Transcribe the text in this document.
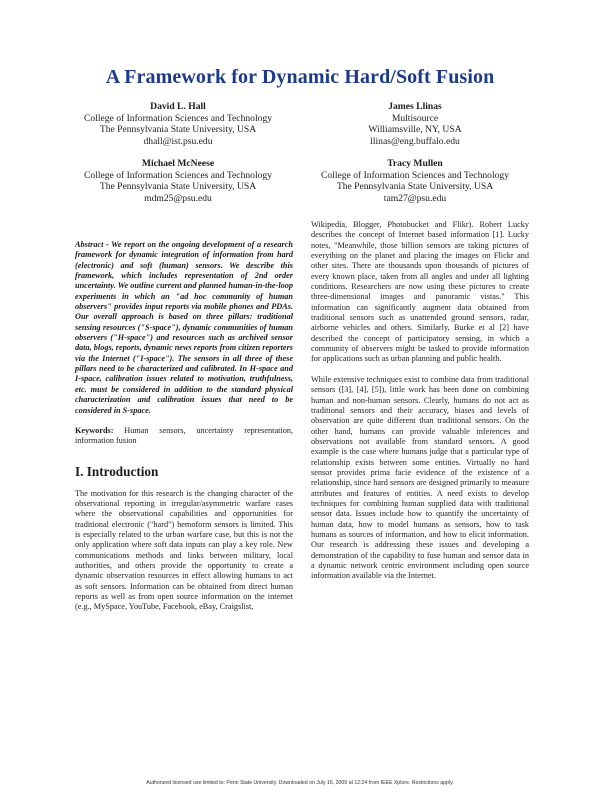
A Framework for Dynamic Hard/Soft Fusion
David L. Hall
College of Information Sciences and Technology
The Pennsylvania State University, USA
dhall@ist.psu.edu
James Llinas
Multisource
Williamsville, NY, USA
llinas@eng.buffalo.edu
Michael McNeese
College of Information Sciences and Technology
The Pennsylvania State University, USA
mdm25@psu.edu
Tracy Mullen
College of Information Sciences and Technology
The Pennsylvania State University, USA
tam27@psu.edu

Abstract - We report on the ongoing development of a research framework for dynamic integration of information from hard (electronic) and soft (human) sensors. We describe this framework, which includes representation of 2nd order uncertainty. We outline current and planned human-in-the-loop experiments in which an "ad hoc community of human observers" provides input reports via mobile phones and PDAs. Our overall approach is based on three pillars: traditional sensing resources ("S-space"), dynamic communities of human observers ("H-space") and resources such as archived sensor data, blogs, reports, dynamic news reports from citizen reporters via the Internet ("I-space"). The sensors in all three of these pillars need to be characterized and calibrated. In H-space and I-space, calibration issues related to motivation, truthfulness, etc. must be considered in addition to the standard physical characterization and calibration issues that need to be considered in S-space.

Keywords: Human sensors, uncertainty representation, information fusion

I. Introduction

The motivation for this research is the changing character of the observational reporting in irregular/asymmetric warfare cases where the observational capabilities and opportunities for traditional electronic ("hard") hemoform sensors is limited. This is especially related to the urban warfare case, but this is not the only application where soft data inputs can play a key role. New communications methods and links between military, local authorities, and others provide the opportunity to create a dynamic observation resources in effect allowing humans to act as soft sensors. Information can be obtained from direct human reports as well as from open source information on the internet (e.g., MySpace, YouTube, Facebook, eBay, Craigslist,

Wikipedia, Blogger, Photobucket and Flikr). Robert Lucky describes the concept of Internet based information [1]. Lucky notes, "Meanwhile, those billion sensors are taking pictures of everything on the planet and placing the images on Flickr and other sites. There are thousands upon thousands of pictures of every known place, taken from all angles and under all lighting conditions. Researchers are now using these pictures to create three-dimensional images and panoramic vistas." This information can significantly augment data obtained from traditional sensors such as unattended ground sensors, radar, airborne vehicles and others. Similarly, Burke et al [2] have described the concept of participatory sensing, in which a community of observers might be tasked to provide information for applications such as urban planning and public health.

While extensive techniques exist to combine data from traditional sensors ([3], [4], [5]), little work has been done on combining human and non-human sensors. Clearly, humans do not act as traditional sensors and their accuracy, biases and levels of observation are quite different than traditional sensors. On the other hand, humans can provide valuable inferences and observations not available from standard sensors. A good example is the case where humans judge that a particular type of relationship exists between some entities. Virtually no hard sensor provides prima facie evidence of the existence of a relationship, since hard sensors are designed primarily to measure attributes and features of entities. A need exists to develop techniques for combining human supplied data with traditional sensor data. Issues include how to quantify the uncertainty of human data, how to model humans as sensors, how to task humans as sources of information, and how to elicit information. Our research is addressing these issues and developing a demonstration of the capability to fuse human and sensor data in a dynamic network centric environment including open source information available via the Internet.

Authorized licensed use limited to: Penn State University. Downloaded on July 16, 2009 at 12:24 from IEEE Xplore. Restrictions apply.
